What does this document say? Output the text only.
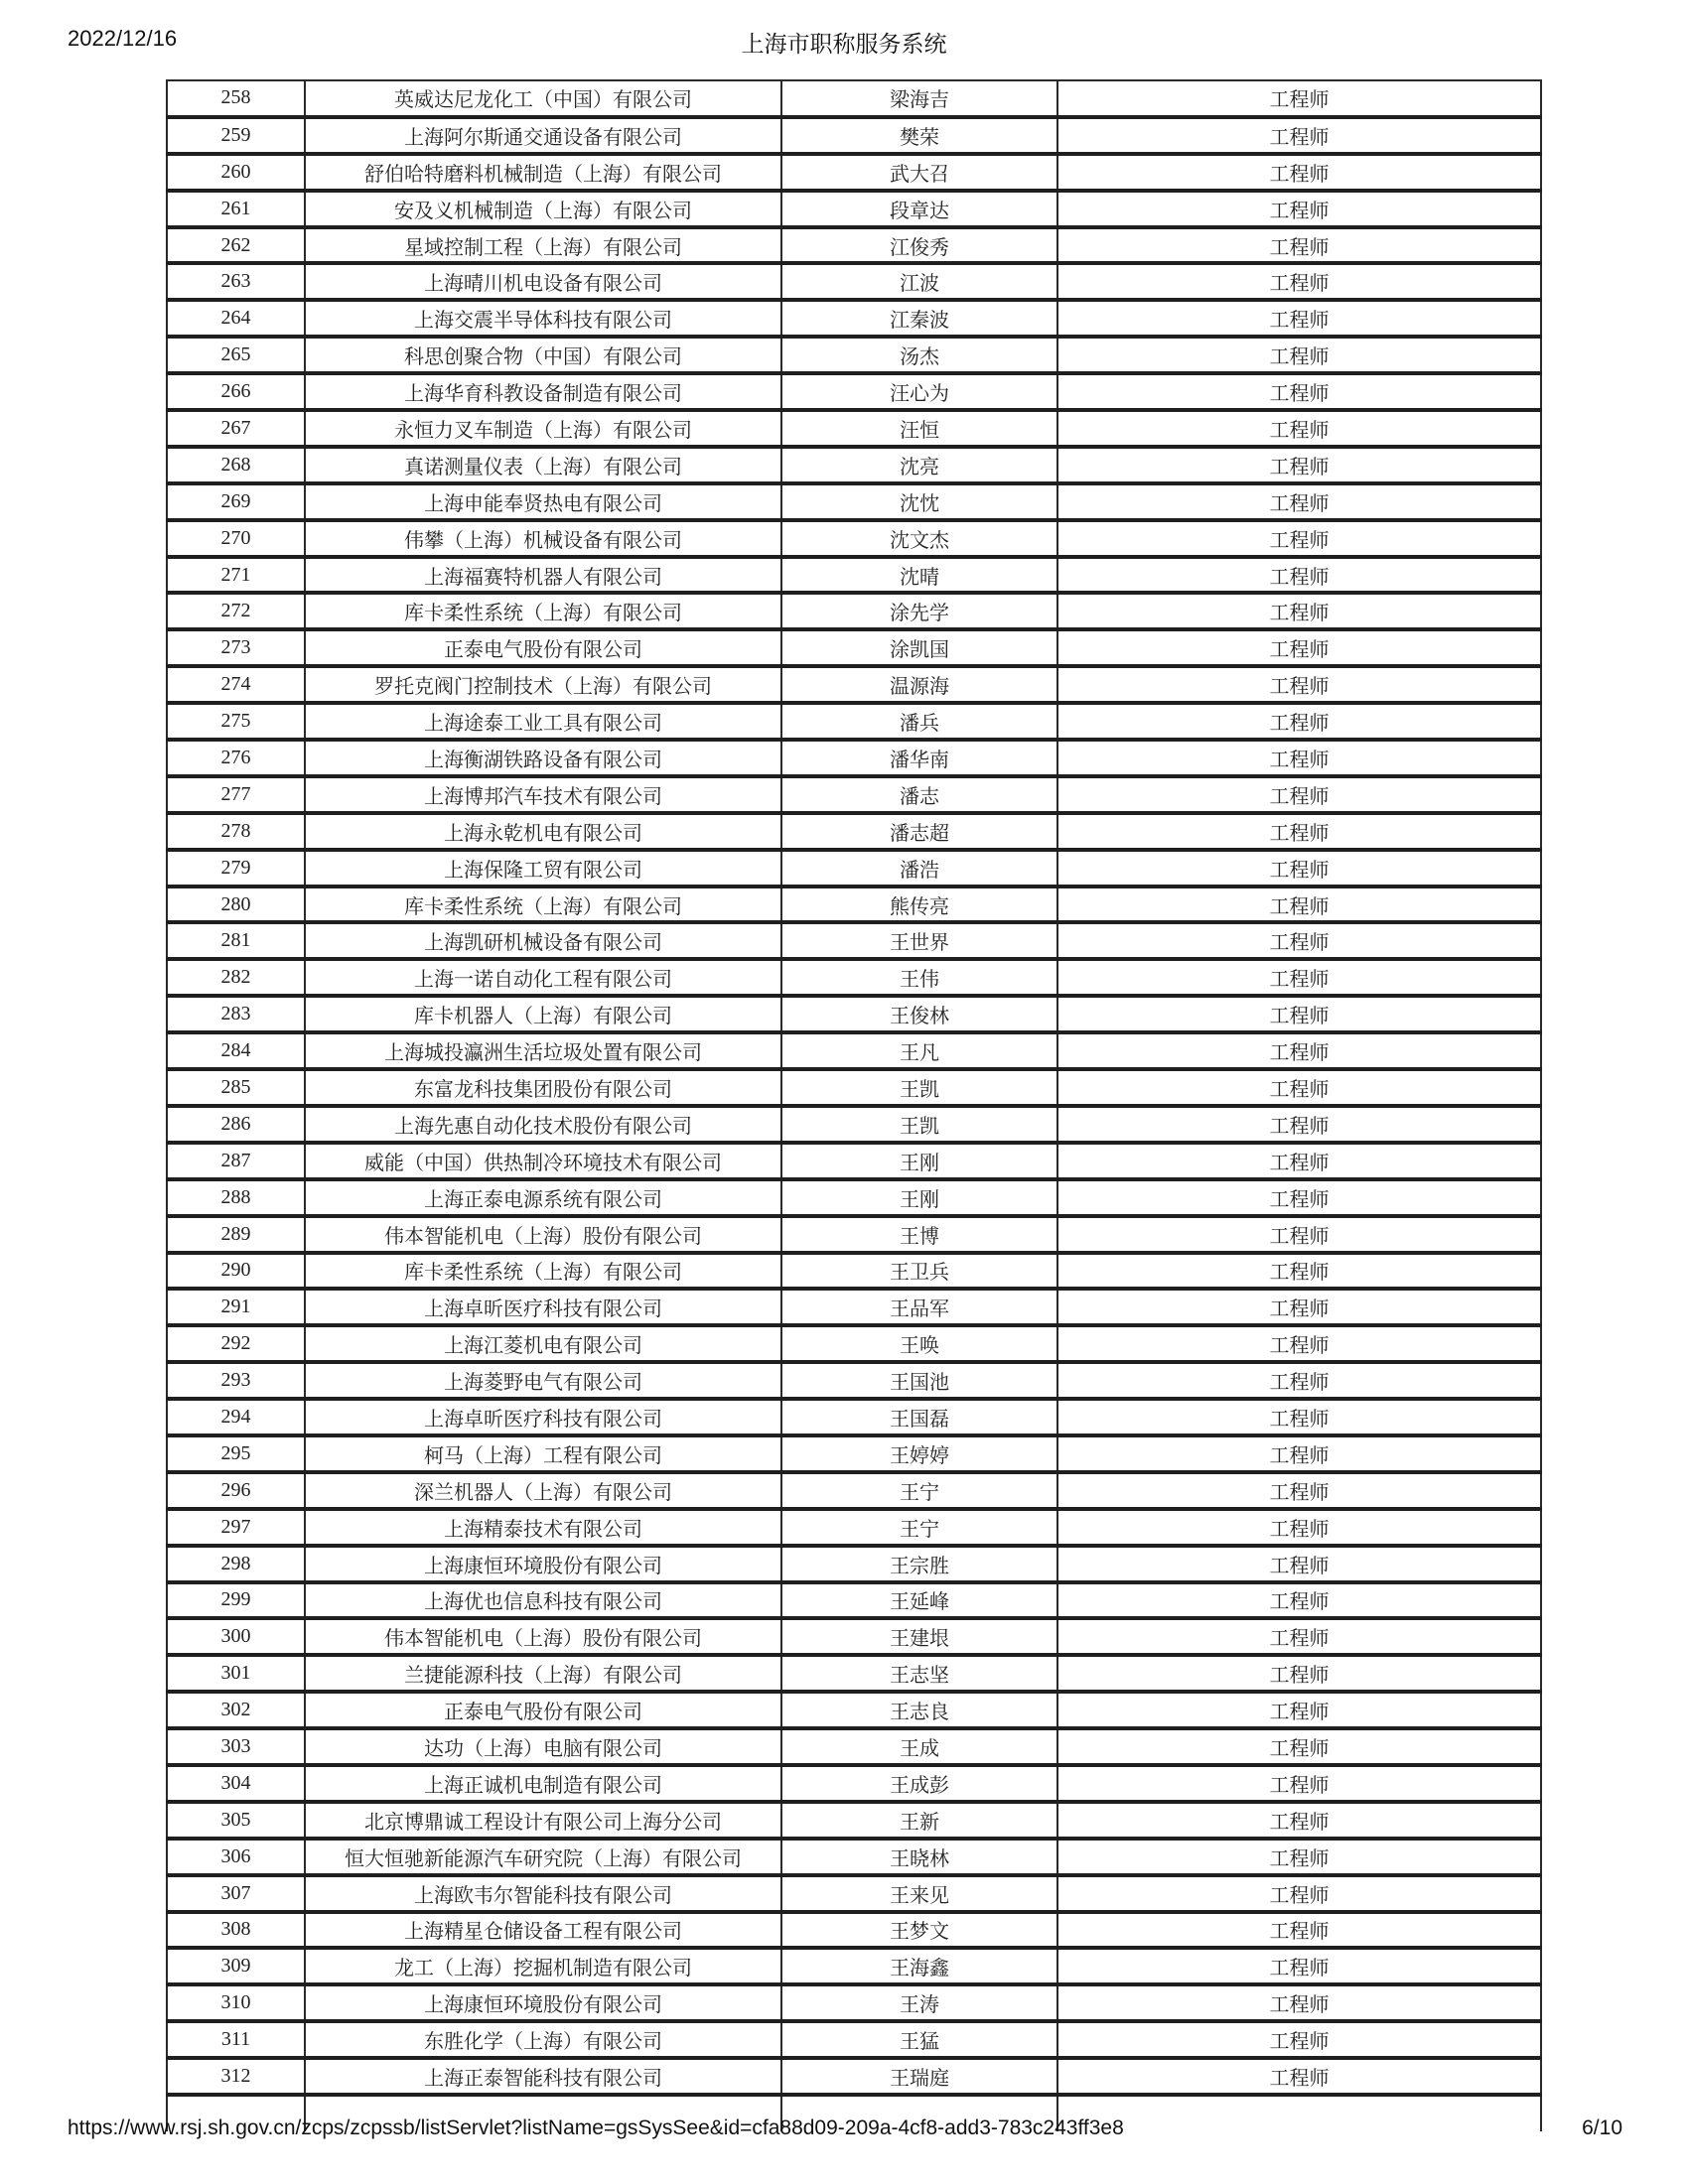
2022/12/16	上海市职称服务系统
258	英威达尼龙化工（中国）有限公司	梁海吉	工程师
259	上海阿尔斯通交通设备有限公司	樊荣	工程师
260	舒伯哈特磨料机械制造（上海）有限公司	武大召	工程师
261	安及义机械制造（上海）有限公司	段章达	工程师
262	星域控制工程（上海）有限公司	江俊秀	工程师
263	上海晴川机电设备有限公司	江波	工程师
264	上海交震半导体科技有限公司	江秦波	工程师
265	科思创聚合物（中国）有限公司	汤杰	工程师
266	上海华育科教设备制造有限公司	汪心为	工程师
267	永恒力叉车制造（上海）有限公司	汪恒	工程师
268	真诺测量仪表（上海）有限公司	沈亮	工程师
269	上海申能奉贤热电有限公司	沈忱	工程师
270	伟攀（上海）机械设备有限公司	沈文杰	工程师
271	上海福赛特机器人有限公司	沈晴	工程师
272	库卡柔性系统（上海）有限公司	涂先学	工程师
273	正泰电气股份有限公司	涂凯国	工程师
274	罗托克阀门控制技术（上海）有限公司	温源海	工程师
275	上海途泰工业工具有限公司	潘兵	工程师
276	上海衡湖铁路设备有限公司	潘华南	工程师
277	上海博邦汽车技术有限公司	潘志	工程师
278	上海永乾机电有限公司	潘志超	工程师
279	上海保隆工贸有限公司	潘浩	工程师
280	库卡柔性系统（上海）有限公司	熊传亮	工程师
281	上海凯研机械设备有限公司	王世界	工程师
282	上海一诺自动化工程有限公司	王伟	工程师
283	库卡机器人（上海）有限公司	王俊林	工程师
284	上海城投瀛洲生活垃圾处置有限公司	王凡	工程师
285	东富龙科技集团股份有限公司	王凯	工程师
286	上海先惠自动化技术股份有限公司	王凯	工程师
287	威能（中国）供热制冷环境技术有限公司	王刚	工程师
288	上海正泰电源系统有限公司	王刚	工程师
289	伟本智能机电（上海）股份有限公司	王博	工程师
290	库卡柔性系统（上海）有限公司	王卫兵	工程师
291	上海卓昕医疗科技有限公司	王品军	工程师
292	上海江菱机电有限公司	王唤	工程师
293	上海菱野电气有限公司	王国池	工程师
294	上海卓昕医疗科技有限公司	王国磊	工程师
295	柯马（上海）工程有限公司	王婷婷	工程师
296	深兰机器人（上海）有限公司	王宁	工程师
297	上海精泰技术有限公司	王宁	工程师
298	上海康恒环境股份有限公司	王宗胜	工程师
299	上海优也信息科技有限公司	王延峰	工程师
300	伟本智能机电（上海）股份有限公司	王建垠	工程师
301	兰捷能源科技（上海）有限公司	王志坚	工程师
302	正泰电气股份有限公司	王志良	工程师
303	达功（上海）电脑有限公司	王成	工程师
304	上海正诚机电制造有限公司	王成彭	工程师
305	北京博鼎诚工程设计有限公司上海分公司	王新	工程师
306	恒大恒驰新能源汽车研究院（上海）有限公司	王晓林	工程师
307	上海欧韦尔智能科技有限公司	王来见	工程师
308	上海精星仓储设备工程有限公司	王梦文	工程师
309	龙工（上海）挖掘机制造有限公司	王海鑫	工程师
310	上海康恒环境股份有限公司	王涛	工程师
311	东胜化学（上海）有限公司	王猛	工程师
312	上海正泰智能科技有限公司	王瑞庭	工程师

https://www.rsj.sh.gov.cn/zcps/zcpssb/listServlet?listName=gsSysSee&id=cfa88d09-209a-4cf8-add3-783c243ff3e8	6/10
